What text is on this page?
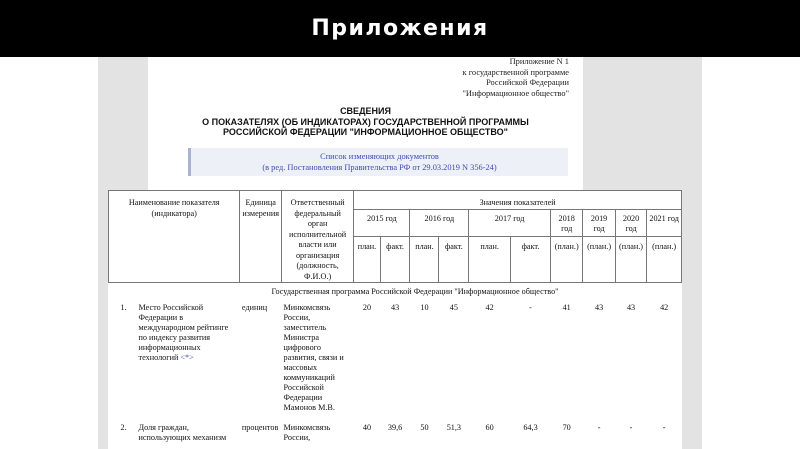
Приложения
Приложение N 1
к государственной программе
Российской Федерации
"Информационное общество"
СВЕДЕНИЯ
О ПОКАЗАТЕЛЯХ (ОБ ИНДИКАТОРАХ) ГОСУДАРСТВЕННОЙ ПРОГРАММЫ
РОССИЙСКОЙ ФЕДЕРАЦИИ "ИНФОРМАЦИОННОЕ ОБЩЕСТВО"
Список изменяющих документов
(в ред. Постановления Правительства РФ от 29.03.2019 N 356-24)
Наименование показателя (индикатора)	Единица измерения	Ответственный федеральный орган исполнительной власти или организация (должность, Ф.И.О.)	Значения показателей									
			2015 год		2016 год		2017 год		2018 год	2019 год	2020 год	2021 год
			план.	факт.	план.	факт.	план.	факт.	(план.)	(план.)	(план.)	(план.)
Государственная программа Российской Федерации "Информационное общество"												

1. Место Российской Федерации в международном рейтинге по индексу развития информационных технологий <*>	единиц	Минкомсвязь России, заместитель Министра цифрового развития, связи и массовых коммуникаций Российской Федерации Мамонов М.В.	20	43	10	45	42	-	41	43	43	42

2. Доля граждан, использующих механизм	процентов	Минкомсвязь России,	40	39,6	50	51,3	60	64,3	70	-	-	-
